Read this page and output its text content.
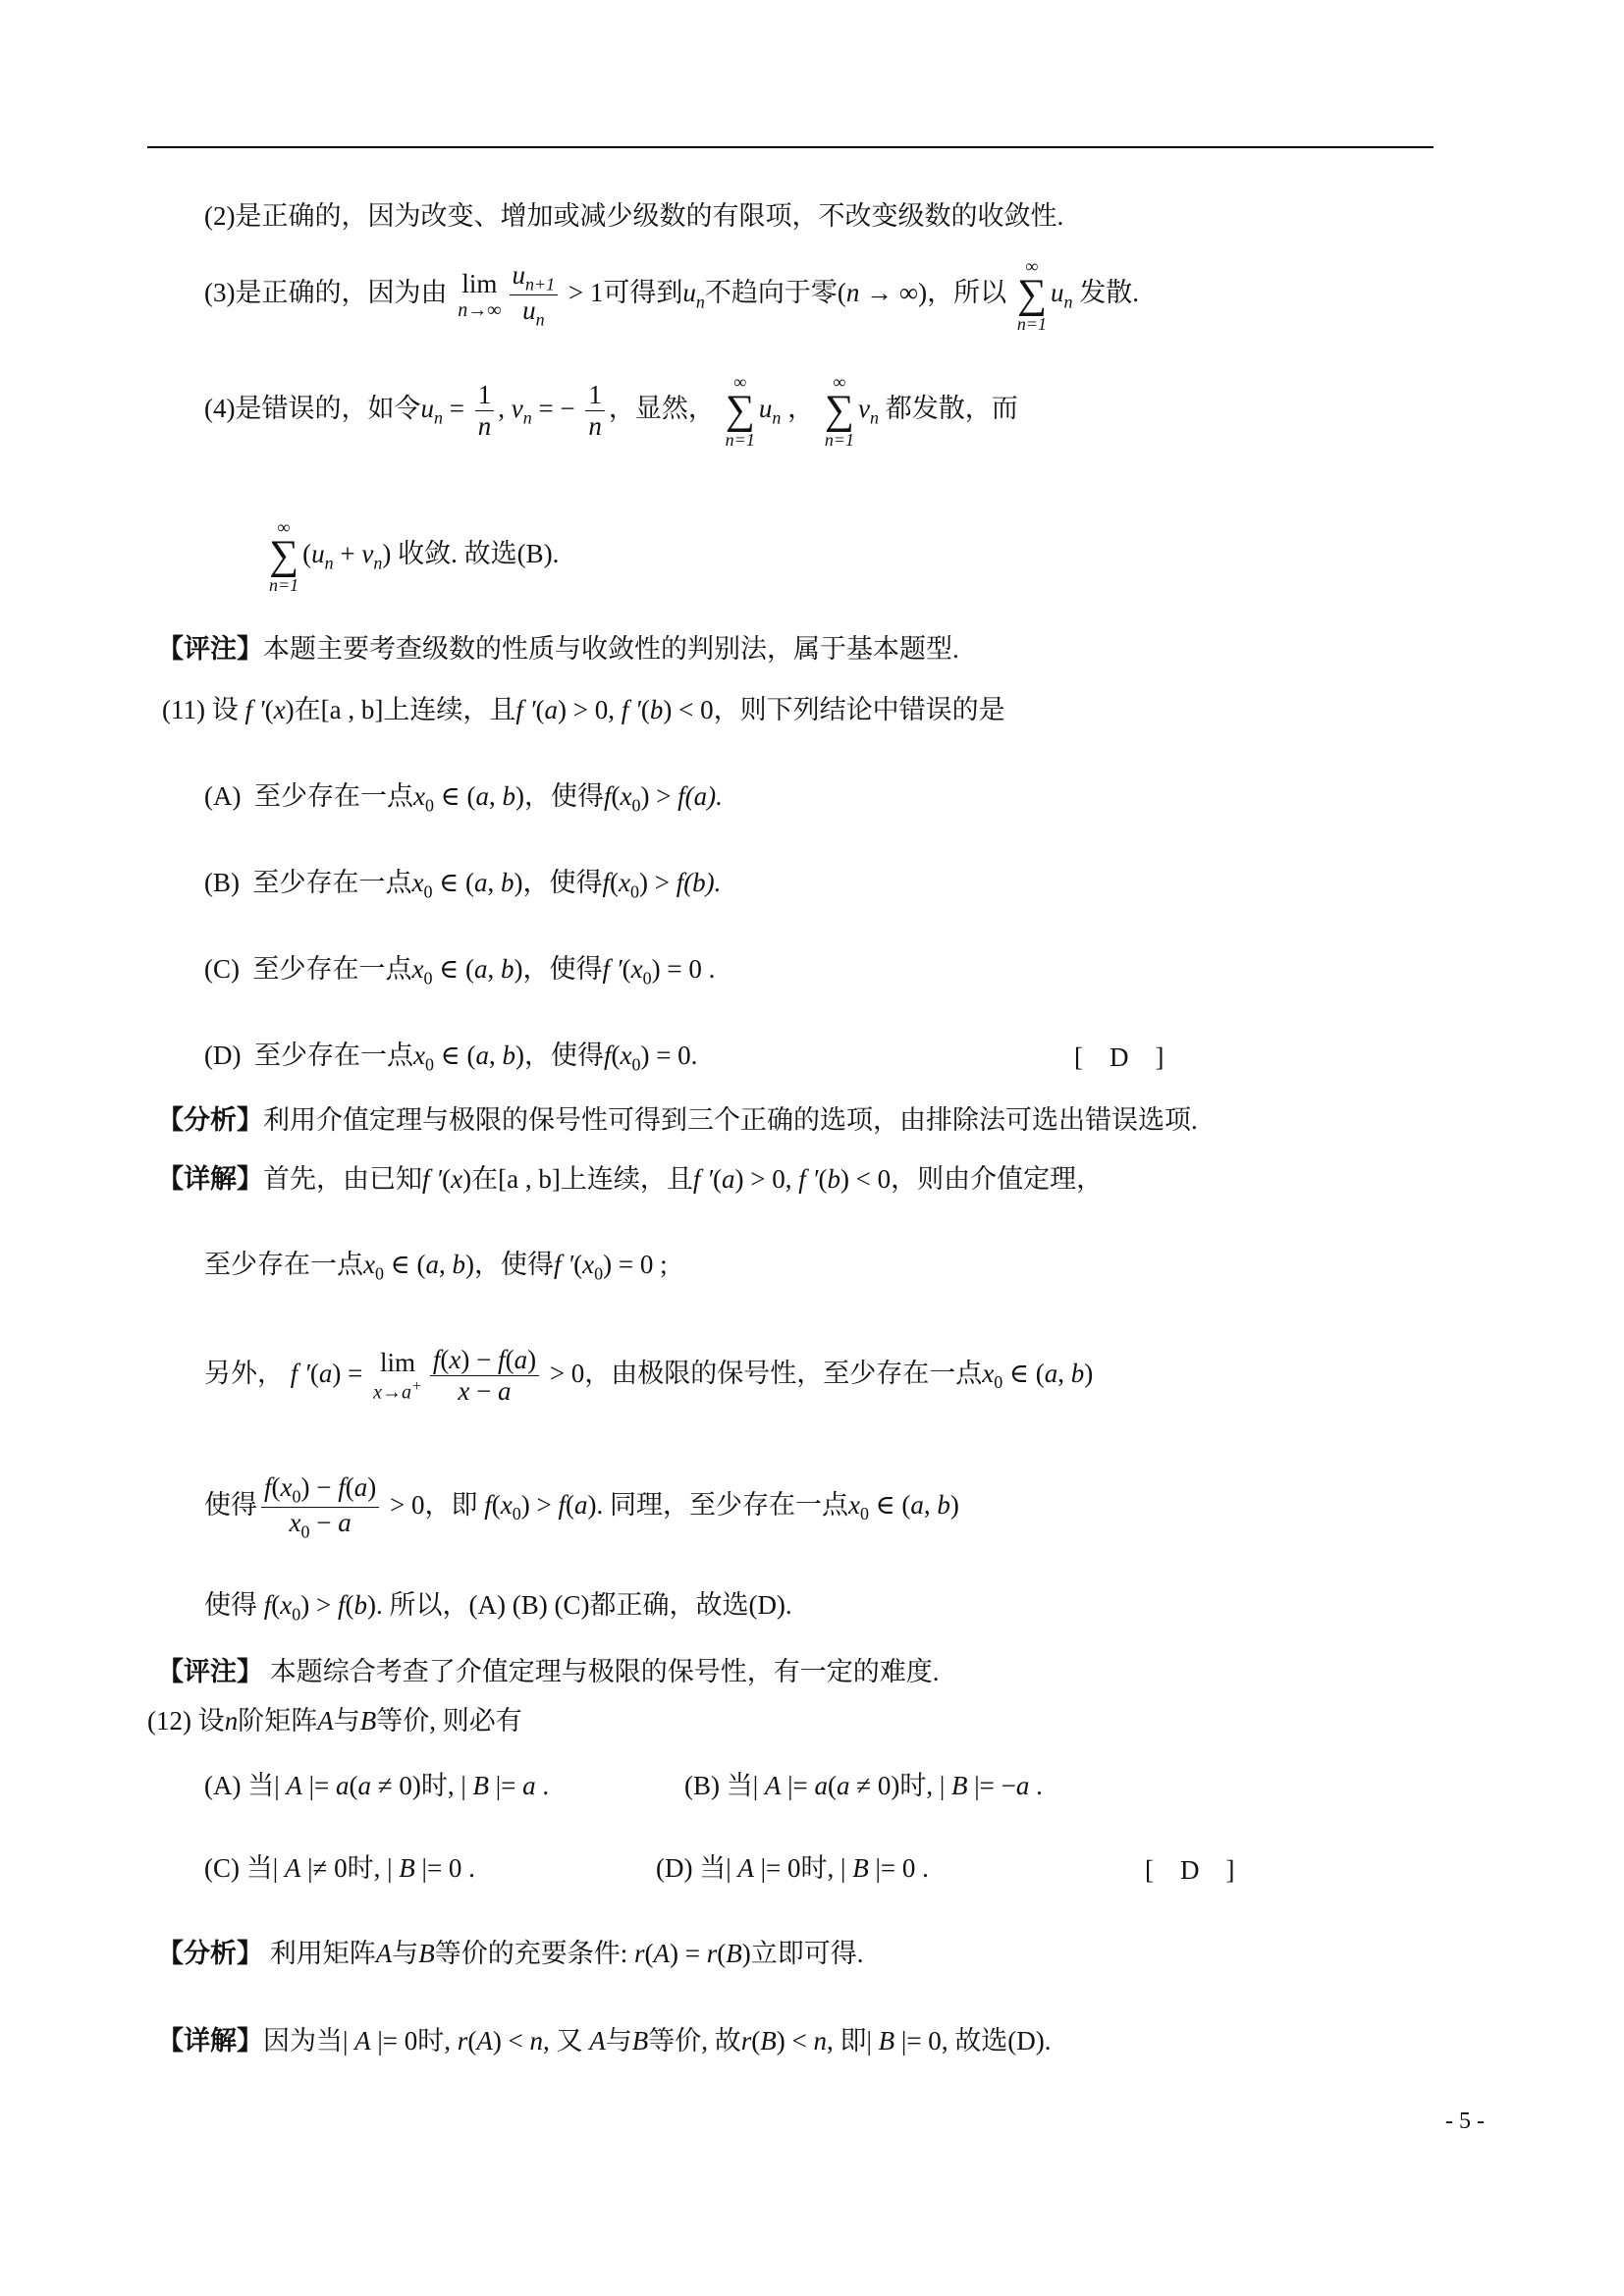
(2)是正确的，因为改变、增加或减少级数的有限项，不改变级数的收敛性.
(3)是正确的，因为由 lim
$n\to\infty \frac{u_{n+1}}{u_n} > 1$可得到$u_n$不趋向于零(n → ∞)，所以
∞
∑
n=1
$u_n$ 发散.
(4)是错误的，如令$u_n = \frac{1}{n}$ , $v_n$ = − $\frac{1}{n}$ ，显然，
∞
∑
n=1
$u_n$ ，
∞
∑
n=1
$v_n$ 都发散，而
∞
∑
n=1
$(u_n + v_n)$ 收敛. 故选(B).
【评注】本题主要考查级数的性质与收敛性的判别法，属于基本题型.
(11) 设 f ′(x)在[a , b]上连续，且f ′(a) > 0, f ′(b) < 0，则下列结论中错误的是
(A) 至少存在一点$x_0$ ∈ (a, b)，使得$f(x_0) > f(a)$.
(B) 至少存在一点$x_0$ ∈ (a, b)，使得$f(x_0) > f(b)$.
(C) 至少存在一点$x_0$ ∈ (a, b)，使得f $'(x_0) = 0$ .
(D) 至少存在一点$x_0$ ∈ (a, b)，使得$f(x_0) = 0$.	[    D    ]
【分析】利用介值定理与极限的保号性可得到三个正确的选项，由排除法可选出错误选项.
【详解】首先，由已知f ′(x)在[a , b]上连续，且f ′(a) > 0, f ′(b) < 0，则由介值定理，
至少存在一点$x_0$ ∈ (a, b)，使得f $'(x_0) = 0$ ;
另外， f ′(a) = lim
$x\to a^+ \frac{f(x) - f(a)}{x - a} > 0$，由极限的保号性，至少存在一点$x_0$ ∈ (a, b)
使得 $\frac{f(x_0) - f(a)}{x_0 - a} > 0$，即 $f(x_0) > f(a)$. 同理，至少存在一点$x_0$ ∈ (a, b)
使得 $f(x_0) > f(b)$. 所以，(A) (B) (C)都正确，故选(D).
【评注】 本题综合考查了介值定理与极限的保号性，有一定的难度.
(12) 设n阶矩阵A与B等价, 则必有
(A) 当| A |= a(a ≠ 0)时, | B |= a .	(B) 当| A |= a(a ≠ 0)时, | B |= −a .
(C) 当| A |≠ 0时, | B |= 0 .	(D) 当| A |= 0时, | B |= 0 .	[    D    ]
【分析】 利用矩阵A与B等价的充要条件: r(A) = r(B)立即可得.
【详解】因为当| A |= 0时, r(A) < n, 又 A与B等价, 故r(B) < n, 即| B |= 0, 故选(D).
- 5 -
